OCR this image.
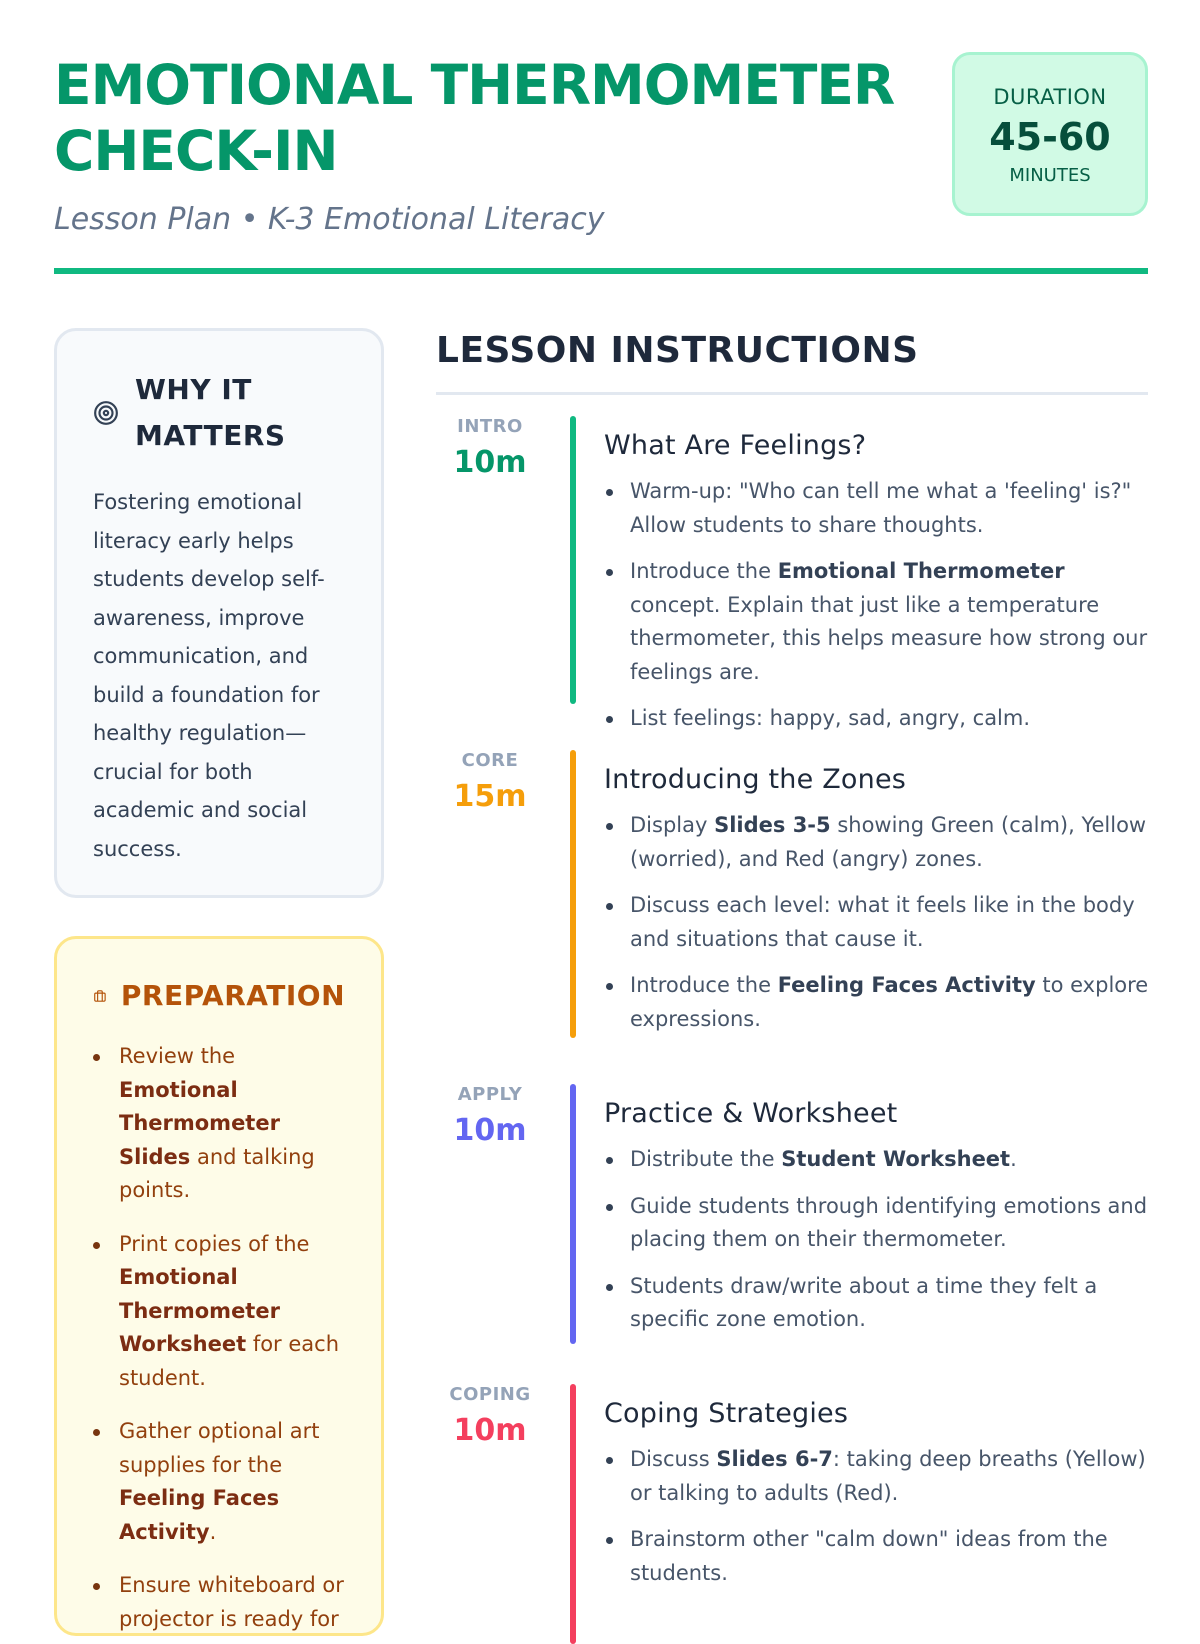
EMOTIONAL THERMOMETER
CHECK-IN
Lesson Plan • K-3 Emotional Literacy
DURATION
45-60
MINUTES
WHY IT
MATTERS
Fostering emotional literacy early helps students develop self-awareness, improve communication, and build a foundation for healthy regulation—crucial for both academic and social success.
PREPARATION
Review the Emotional Thermometer Slides and talking points.
Print copies of the Emotional Thermometer Worksheet for each student.
Gather optional art supplies for the Feeling Faces Activity.
Ensure whiteboard or projector is ready for
LESSON INSTRUCTIONS
INTRO
10m	What Are Feelings?
Warm-up: "Who can tell me what a 'feeling' is?" Allow students to share thoughts.
Introduce the Emotional Thermometer concept. Explain that just like a temperature thermometer, this helps measure how strong our feelings are.
List feelings: happy, sad, angry, calm.
CORE
15m	Introducing the Zones
Display Slides 3-5 showing Green (calm), Yellow (worried), and Red (angry) zones.
Discuss each level: what it feels like in the body and situations that cause it.
Introduce the Feeling Faces Activity to explore expressions.
APPLY
10m	Practice & Worksheet
Distribute the Student Worksheet.
Guide students through identifying emotions and placing them on their thermometer.
Students draw/write about a time they felt a specific zone emotion.
COPING
10m	Coping Strategies
Discuss Slides 6-7: taking deep breaths (Yellow) or talking to adults (Red).
Brainstorm other "calm down" ideas from the students.
